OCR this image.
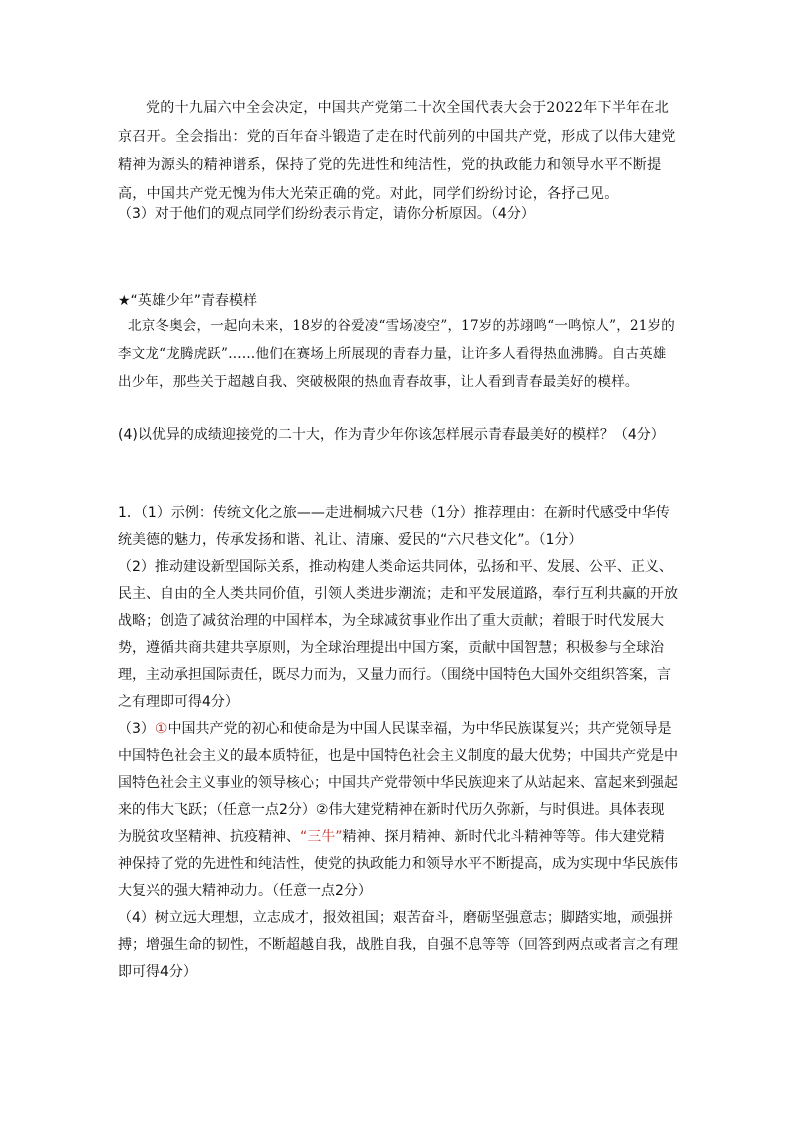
党的十九届六中全会决定，中国共产党第二十次全国代表大会于2022年下半年在北京召开。全会指出：党的百年奋斗锻造了走在时代前列的中国共产党，形成了以伟大建党精神为源头的精神谱系，保持了党的先进性和纯洁性，党的执政能力和领导水平不断提高，中国共产党无愧为伟大光荣正确的党。对此，同学们纷纷讨论，各抒己见。

（3）对于他们的观点同学们纷纷表示肯定，请你分析原因。（4分）

★“英雄少年”青春模样

北京冬奥会，一起向未来，18岁的谷爱凌“雪场凌空”，17岁的苏翊鸣“一鸣惊人”，21岁的李文龙“龙腾虎跃”……他们在赛场上所展现的青春力量，让许多人看得热血沸腾。自古英雄出少年，那些关于超越自我、突破极限的热血青春故事，让人看到青春最美好的模样。

(4)以优异的成绩迎接党的二十大，作为青少年你该怎样展示青春最美好的模样？（4分）

1．（1）示例：传统文化之旅——走进桐城六尺巷（1分）推荐理由：在新时代感受中华传统美德的魅力，传承发扬和谐、礼让、清廉、爱民的“六尺巷文化”。（1分）

（2）推动建设新型国际关系，推动构建人类命运共同体，弘扬和平、发展、公平、正义、民主、自由的全人类共同价值，引领人类进步潮流；走和平发展道路，奉行互利共赢的开放战略；创造了减贫治理的中国样本，为全球减贫事业作出了重大贡献；着眼于时代发展大势，遵循共商共建共享原则，为全球治理提出中国方案，贡献中国智慧；积极参与全球治理，主动承担国际责任，既尽力而为，又量力而行。（围绕中国特色大国外交组织答案，言之有理即可得4分）

（3）①中国共产党的初心和使命是为中国人民谋幸福，为中华民族谋复兴；共产党领导是中国特色社会主义的最本质特征，也是中国特色社会主义制度的最大优势；中国共产党是中国特色社会主义事业的领导核心；中国共产党带领中华民族迎来了从站起来、富起来到强起来的伟大飞跃；（任意一点2分）②伟大建党精神在新时代历久弥新，与时俱进。具体表现为脱贫攻坚精神、抗疫精神、“三牛”精神、探月精神、新时代北斗精神等等。伟大建党精神保持了党的先进性和纯洁性，使党的执政能力和领导水平不断提高，成为实现中华民族伟大复兴的强大精神动力。（任意一点2分）

（4）树立远大理想，立志成才，报效祖国；艰苦奋斗，磨砺坚强意志；脚踏实地，顽强拼搏；增强生命的韧性，不断超越自我，战胜自我，自强不息等等（回答到两点或者言之有理即可得4分）
